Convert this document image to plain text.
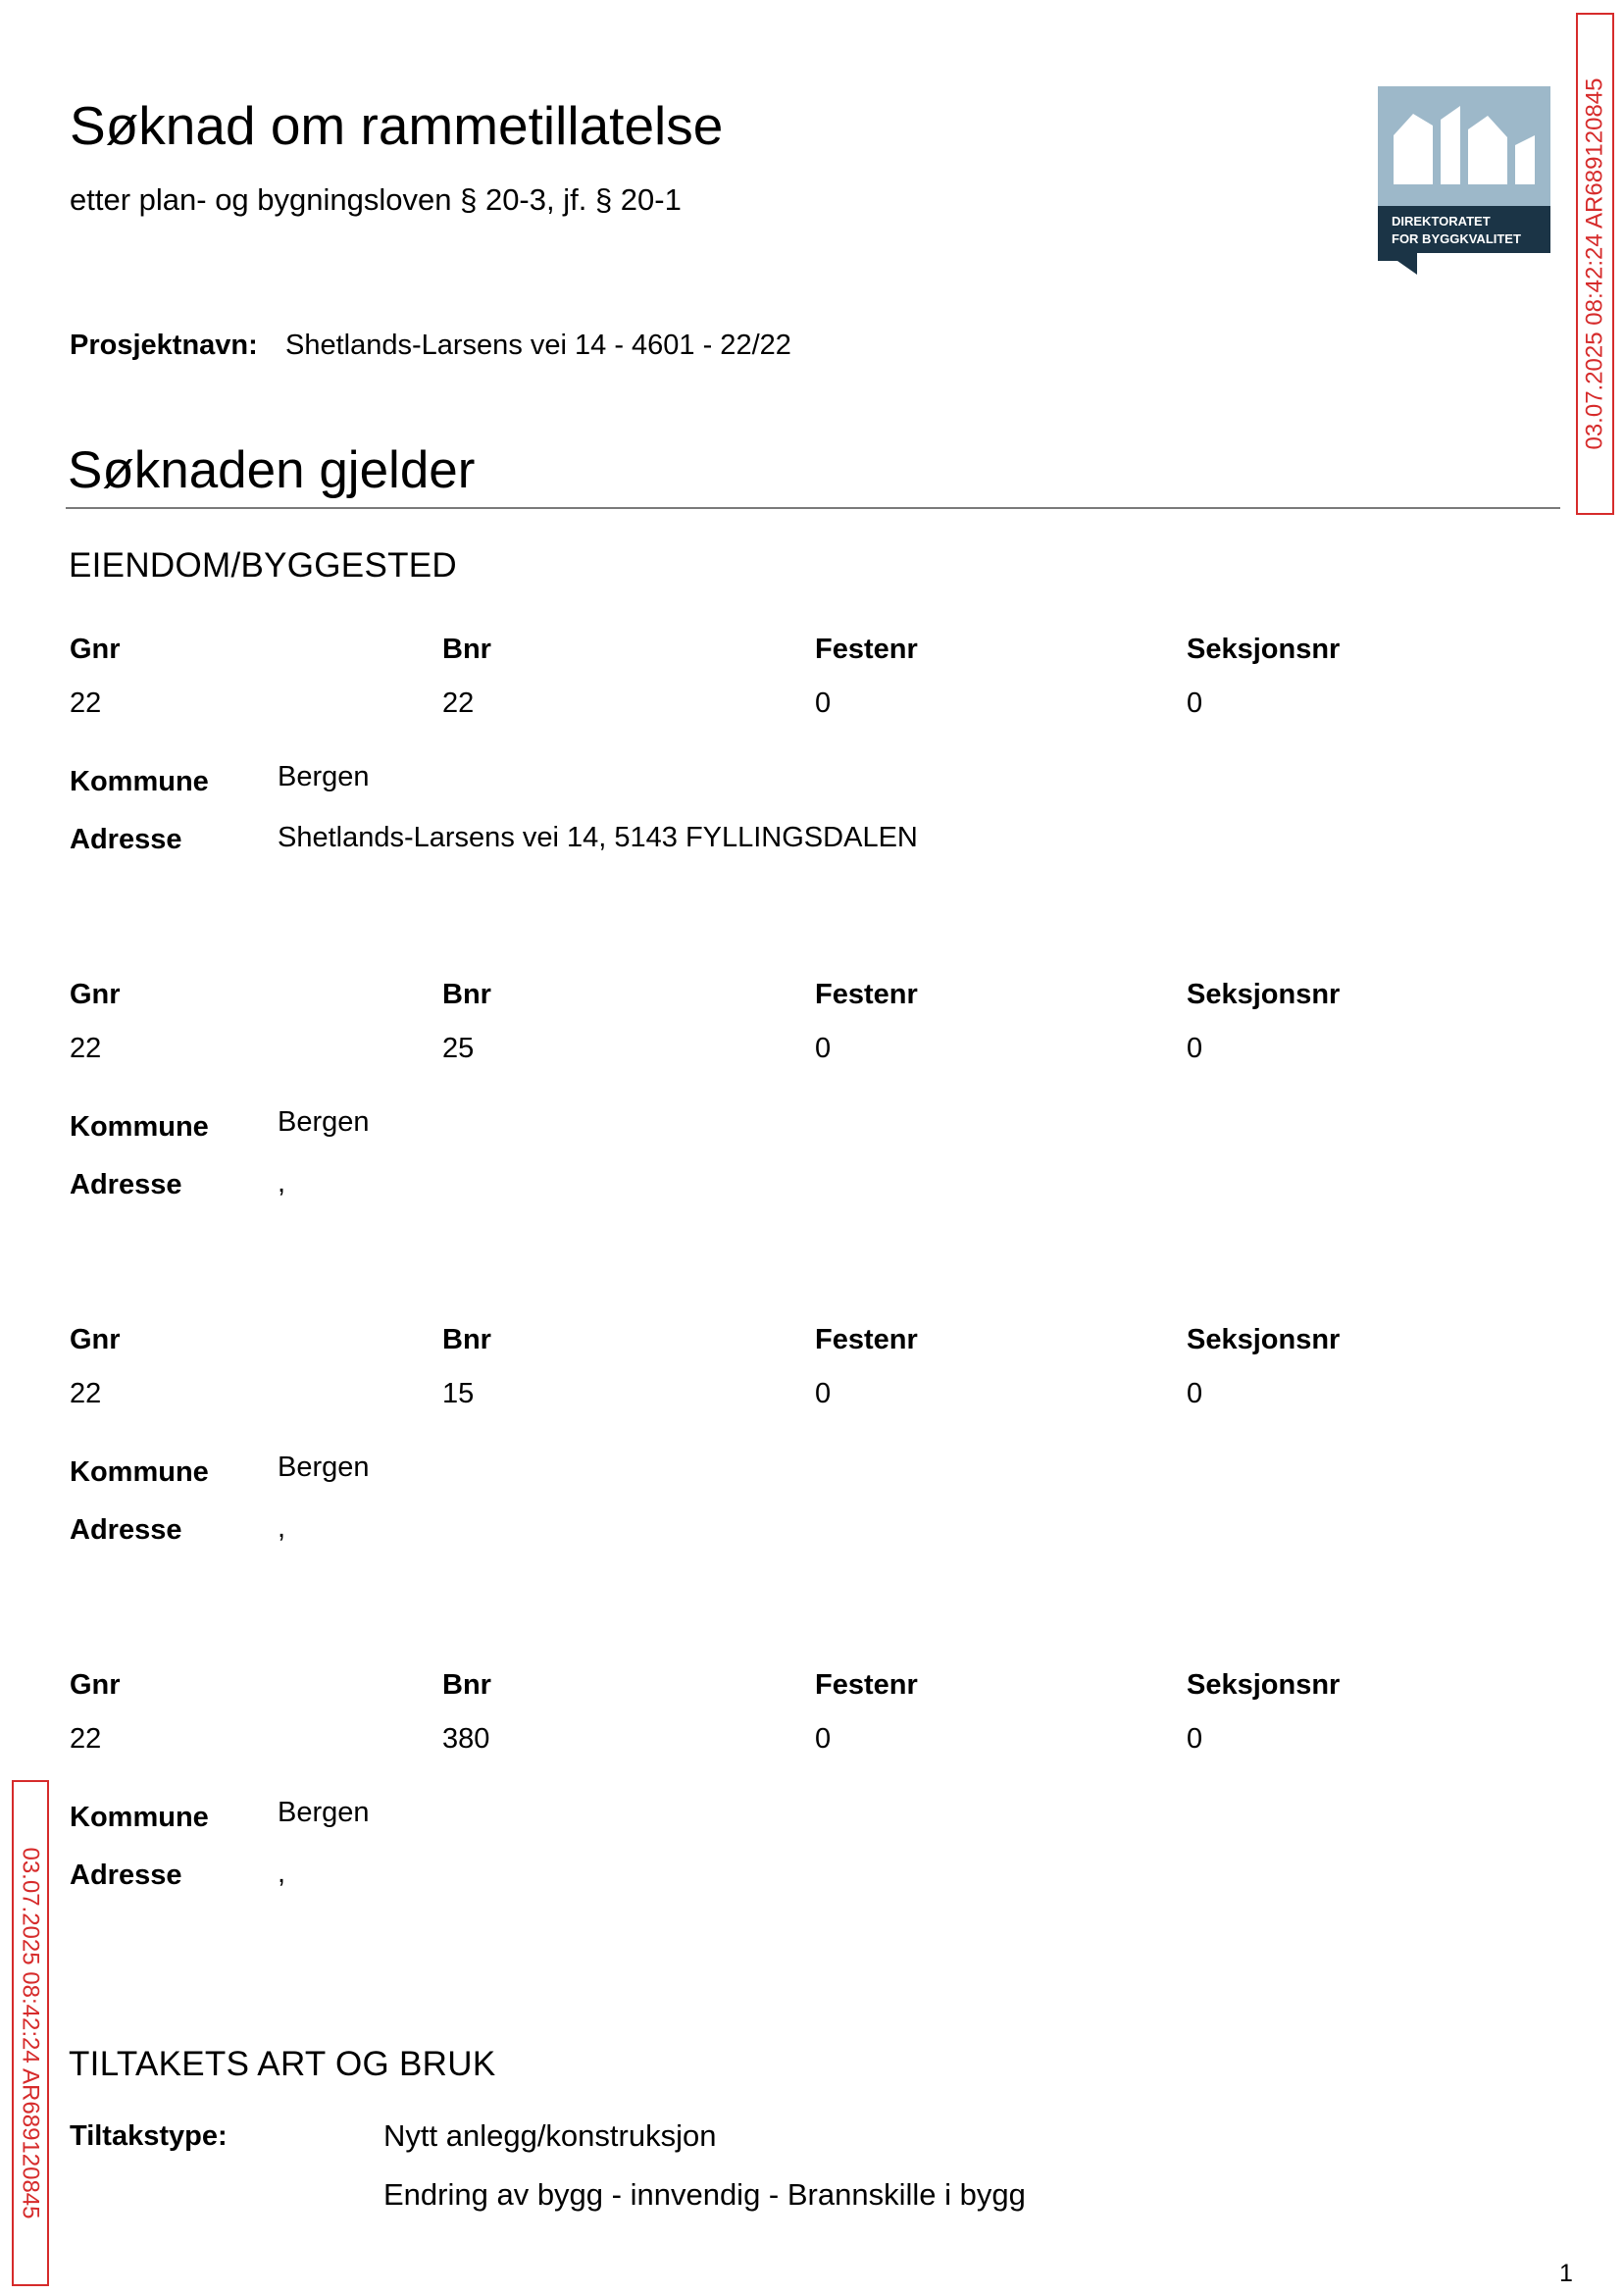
Søknad om rammetillatelse
etter plan- og bygningsloven § 20-3, jf. § 20-1
DIREKTORATET
FOR BYGGKVALITET	03.07.2025 08:42:24 AR689120845
03.07.2025 08:42:24 AR689120845
Prosjektnavn: Shetlands-Larsens vei 14 - 4601 - 22/22
Søknaden gjelder
EIENDOM/BYGGESTED
Gnr	Bnr	Festenr	Seksjonsnr
22	22	0	0
Kommune Bergen
Adresse	Shetlands-Larsens vei 14, 5143 FYLLINGSDALEN
Gnr	Bnr	Festenr	Seksjonsnr
22	25	0	0
Kommune Bergen
Adresse	,
Gnr	Bnr	Festenr	Seksjonsnr
22	15	0	0
Kommune Bergen
Adresse	,
Gnr	Bnr	Festenr	Seksjonsnr
22	380	0	0
Kommune Bergen
Adresse	,
TILTAKETS ART OG BRUK
Tiltakstype:	Nytt anlegg/konstruksjon
Endring av bygg - innvendig - Brannskille i bygg
1
